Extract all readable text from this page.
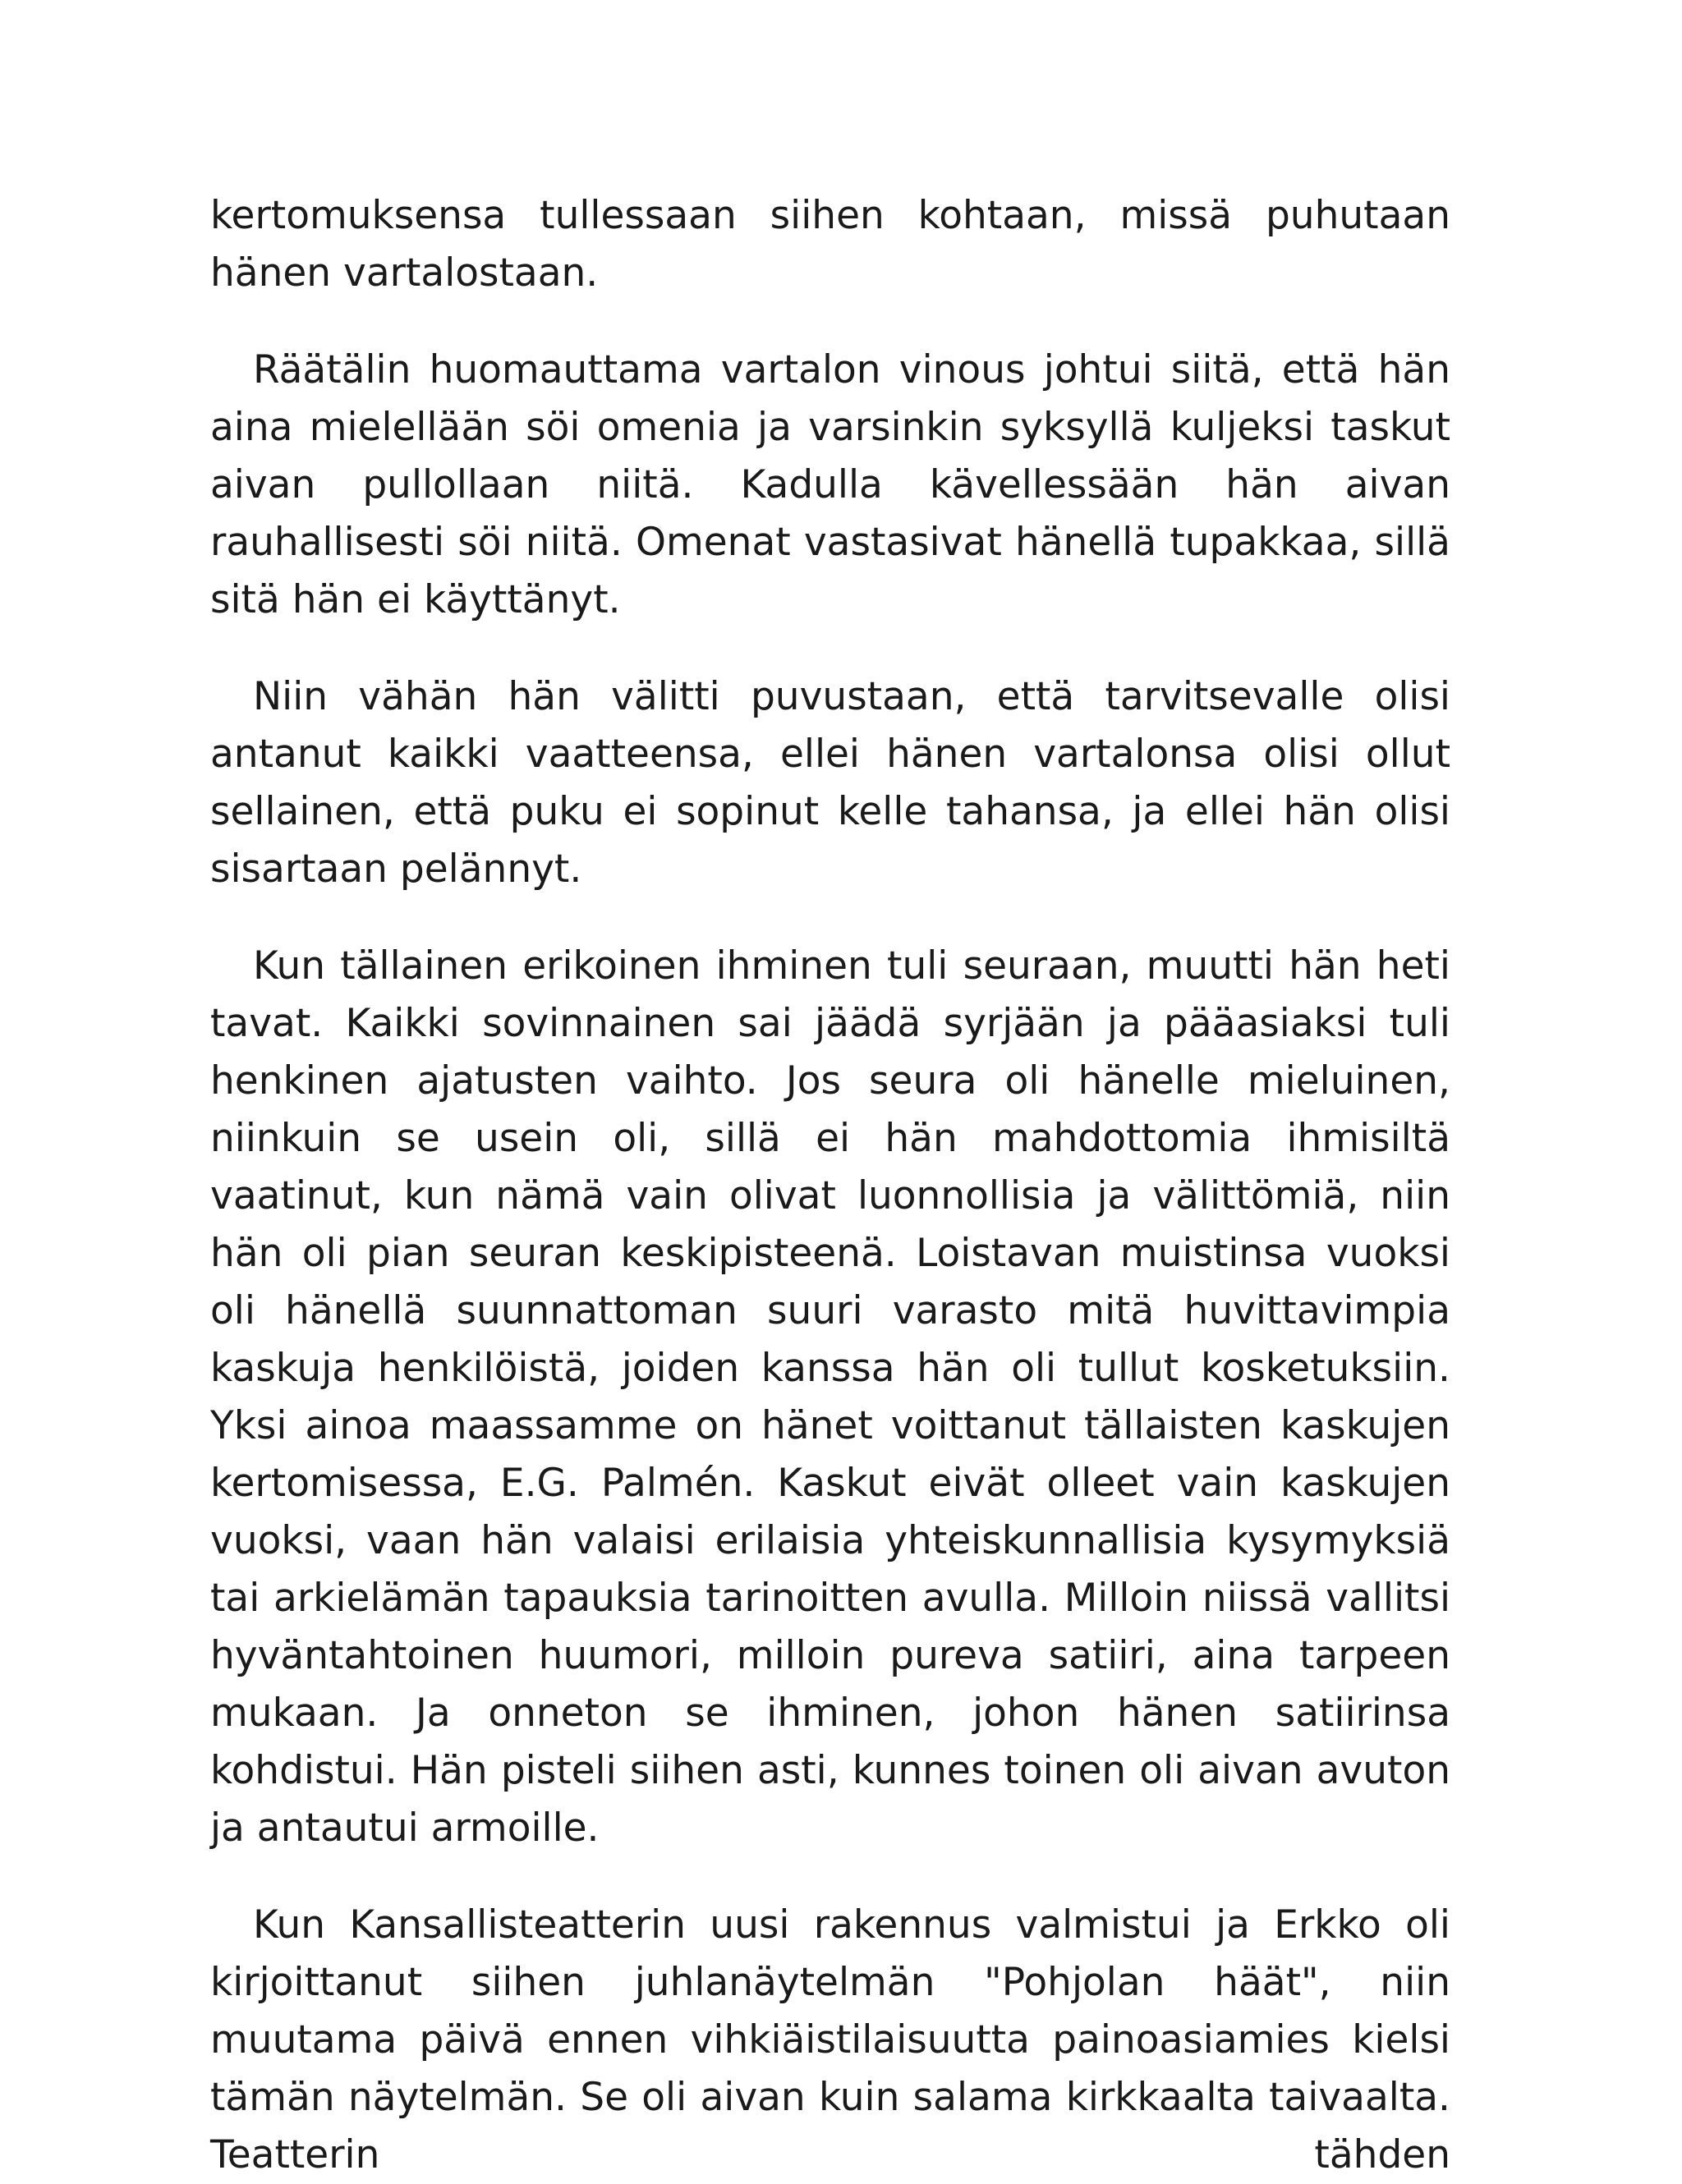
kertomuksensa tullessaan siihen kohtaan, missä puhutaan hänen vartalostaan.

Räätälin huomauttama vartalon vinous johtui siitä, että hän aina mielellään söi omenia ja varsinkin syksyllä kuljeksi taskut aivan pullollaan niitä. Kadulla kävellessään hän aivan rauhallisesti söi niitä. Omenat vastasivat hänellä tupakkaa, sillä sitä hän ei käyttänyt.

Niin vähän hän välitti puvustaan, että tarvitsevalle olisi antanut kaikki vaatteensa, ellei hänen vartalonsa olisi ollut sellainen, että puku ei sopinut kelle tahansa, ja ellei hän olisi sisartaan pelännyt.

Kun tällainen erikoinen ihminen tuli seuraan, muutti hän heti tavat. Kaikki sovinnainen sai jäädä syrjään ja pääasiaksi tuli henkinen ajatusten vaihto. Jos seura oli hänelle mieluinen, niinkuin se usein oli, sillä ei hän mahdottomia ihmisiltä vaatinut, kun nämä vain olivat luonnollisia ja välittömiä, niin hän oli pian seuran keskipisteenä. Loistavan muistinsa vuoksi oli hänellä suunnattoman suuri varasto mitä huvittavimpia kaskuja henkilöistä, joiden kanssa hän oli tullut kosketuksiin. Yksi ainoa maassamme on hänet voittanut tällaisten kaskujen kertomisessa, E.G. Palmén. Kaskut eivät olleet vain kaskujen vuoksi, vaan hän valaisi erilaisia yhteiskunnallisia kysymyksiä tai arkielämän tapauksia tarinoitten avulla. Milloin niissä vallitsi hyväntahtoinen huumori, milloin pureva satiiri, aina tarpeen mukaan. Ja onneton se ihminen, johon hänen satiirinsa kohdistui. Hän pisteli siihen asti, kunnes toinen oli aivan avuton ja antautui armoille.

Kun Kansallisteatterin uusi rakennus valmistui ja Erkko oli kirjoittanut siihen juhlanäytelmän "Pohjolan häät", niin muutama päivä ennen vihkiäistilaisuutta painoasiamies kielsi tämän näytelmän. Se oli aivan kuin salama kirkkaalta taivaalta. Teatterin tähden
